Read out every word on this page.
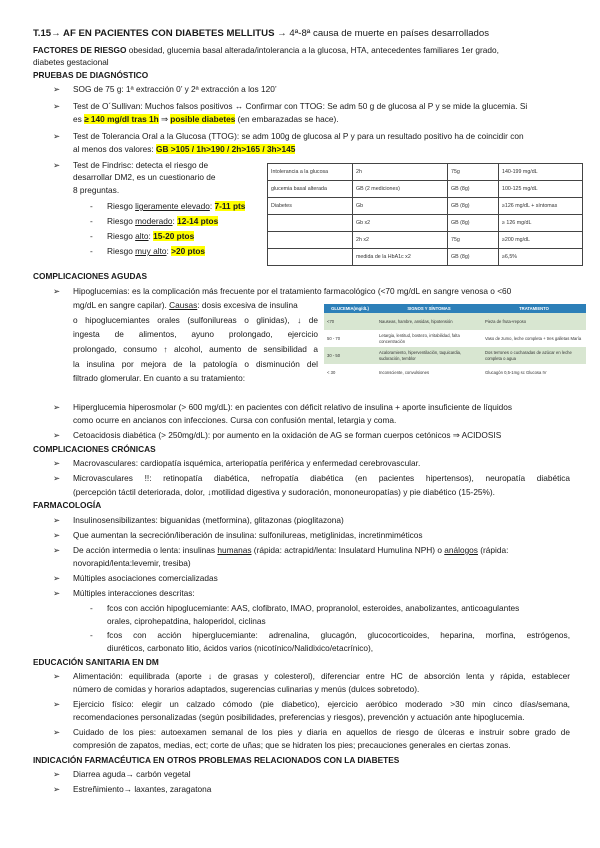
T.15→ AF EN PACIENTES CON DIABETES MELLITUS → 4ª-8ª causa de muerte en países desarrollados
FACTORES DE RIESGO obesidad, glucemia basal alterada/intolerancia a la glucosa, HTA, antecedentes familiares 1er grado,
diabetes gestacional
PRUEBAS DE DIAGNÓSTICO
➢ SOG de 75 g: 1ª extracción 0’ y 2ª extracción a los 120’
➢ Test de O´Sullivan: Muchos falsos positivos ↔ Confirmar con TTOG: Se adm 50 g de glucosa al P y se mide la glucemia. Si
es ≥ 140 mg/dl tras 1h ⇒ posible diabetes (en embarazadas se hace).
➢ Test de Tolerancia Oral a la Glucosa (TTOG): se adm 100g de glucosa al P y para un resultado positivo ha de coincidir con
al menos dos valores: GB >105 / 1h>190 / 2h>165 / 3h>145
➢ Test de Findrisc: detecta el riesgo de
desarrollar DM2, es un cuestionario de
8 preguntas.
- Riesgo ligeramente elevado: 7-11 pts
- Riesgo moderado: 12-14 ptos
- Riesgo alto: 15-20 ptos
- Riesgo muy alto: >20 ptos
Intolerancia a la glucosa	2h	75g	140-199 mg/dL
glucemia basal alterada	GB (2 mediciones)	GB (8g)	100-125 mg/dL
Diabetes	Gb	GB (8g)	≥126 mg/dL + síntomas
	Gb x2	GB (8g)	≥ 126 mg/dL
	2h x2	75g	≥200 mg/dL
	medida de la HbA1c x2	GB (8g)	≥6,5%
COMPLICACIONES AGUDAS
➢ Hipoglucemias: es la complicación más frecuente por el tratamiento farmacológico (<70 mg/dL en sangre venosa o <60
mg/dL en sangre capilar). Causas: dosis excesiva de insulina
o hipoglucemiantes orales (sulfonilureas o glinidas), ↓ de
ingesta de alimentos, ayuno prolongado, ejercicio
prolongado, consumo ↑ alcohol, aumento de sensibilidad a
la insulina por mejora de la patología o disminución del
filtrado glomerular. En cuanto a su tratamiento:
GLUCEMIA(mg/dL)	SIGNOS Y SÍNTOMAS	TRATAMIENTO
<70	Nauseas, hambre, ansidas, hipotensión	Pieza de fruta+reposo
50 - 70	Letargia, lentitud, bostezo, irritabilidad, falta concentración	Vaso de zumo, leche completa + tres galletas María
30 - 50	Acaloramiento, hiperventilación, taquicardia, sudoración, temblor	Dos terrones o cucharadas de azúcar en leche completa o agua
< 30	Inconsciente, convulsiones	Glucagón 0,5-1mg sc Glucosa IV
➢ Hiperglucemia hiperosmolar (> 600 mg/dL): en pacientes con déficit relativo de insulina + aporte insuficiente de líquidos
como ocurre en ancianos con infecciones. Cursa con confusión mental, letargia y coma.
➢ Cetoacidosis diabética (> 250mg/dL): por aumento en la oxidación de AG se forman cuerpos cetónicos ⇒ ACIDOSIS
COMPLICACIONES CRÓNICAS
➢ Macrovasculares: cardiopatía isquémica, arteriopatía periférica y enfermedad cerebrovascular.
➢ Microvasculares !!: retinopatía diabética, nefropatía diabética (en pacientes hipertensos), neuropatía diabética
(percepción táctil deteriorada, dolor, ↓motilidad digestiva y sudoración, mononeuropatías) y pie diabético (15-25%).
FARMACOLOGÍA
➢ Insulinosensibilizantes: biguanidas (metformina), glitazonas (pioglitazona)
➢ Que aumentan la secreción/liberación de insulina: sulfonilureas, metiglinidas, incretinmiméticos
➢ De acción intermedia o lenta: insulinas humanas (rápida: actrapid/lenta: Insulatard Humulina NPH) o análogos (rápida:
novorapid/lenta:levemir, tresiba)
➢ Múltiples asociaciones comercializadas
➢ Múltiples interacciones descritas:
- fcos con acción hipoglucemiante: AAS, clofibrato, IMAO, propranolol, esteroides, anabolizantes, anticoagulantes
orales, ciprohepatdina, haloperidol, ciclinas
- fcos con acción hiperglucemiante: adrenalina, glucagón, glucocorticoides, heparina, morfina, estrógenos,
diuréticos, carbonato litio, ácidos varios (nicotínico/Nalidixico/etacrínico),
EDUCACIÓN SANITARIA EN DM
➢ Alimentación: equilibrada (aporte ↓ de grasas y colesterol), diferenciar entre HC de absorción lenta y rápida, establecer
número de comidas y horarios adaptados, sugerencias culinarias y menús (dulces sobretodo).
➢ Ejercicio físico: elegir un calzado cómodo (pie diabetico), ejercicio aeróbico moderado >30 min cinco días/semana,
recomendaciones personalizadas (según posibilidades, preferencias y riesgos), prevención y actuación ante hipoglucemia.
➢ Cuidado de los pies: autoexamen semanal de los pies y diaria en aquellos de riesgo de úlceras e instruir sobre grado de
compresión de zapatos, medias, ect; corte de uñas; que se hidraten los pies; precauciones generales en ciertas zonas.
INDICACIÓN FARMACÉUTICA EN OTROS PROBLEMAS RELACIONADOS CON LA DIABETES
➢ Diarrea aguda→ carbón vegetal
➢ Estreñimiento→ laxantes, zaragatona
